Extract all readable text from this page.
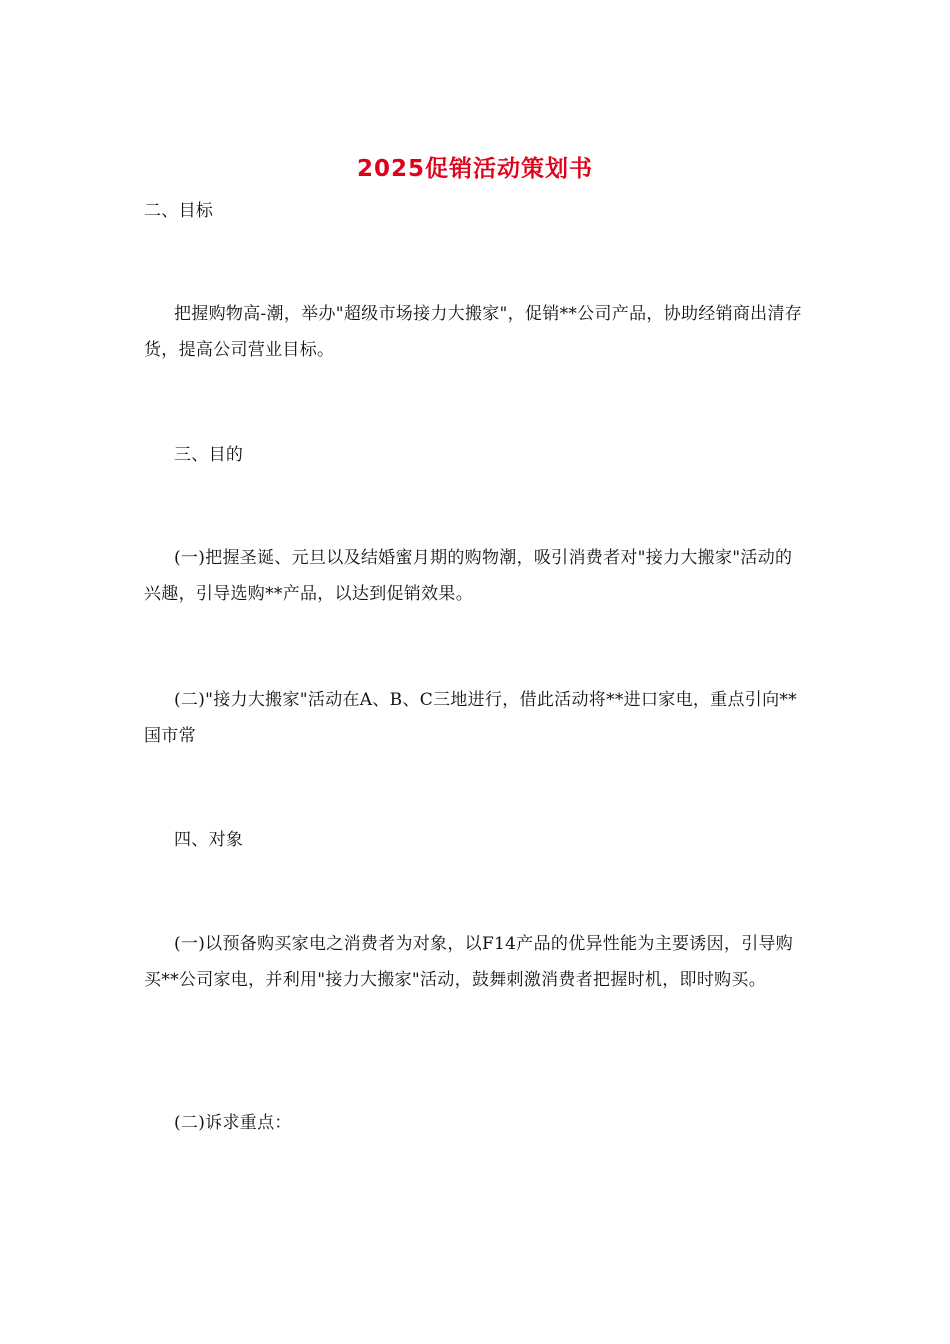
2025促销活动策划书
二、目标
把握购物高-潮，举办"超级市场接力大搬家"，促销**公司产品，协助经销商出清存货，提高公司营业目标。
三、目的
(一)把握圣诞、元旦以及结婚蜜月期的购物潮，吸引消费者对"接力大搬家"活动的兴趣，引导选购**产品，以达到促销效果。
(二)"接力大搬家"活动在A、B、C三地进行，借此活动将**进口家电，重点引向**国市常
四、对象
(一)以预备购买家电之消费者为对象，以F14产品的优异性能为主要诱因，引导购买**公司家电，并利用"接力大搬家"活动，鼓舞刺激消费者把握时机，即时购买。
(二)诉求重点：
